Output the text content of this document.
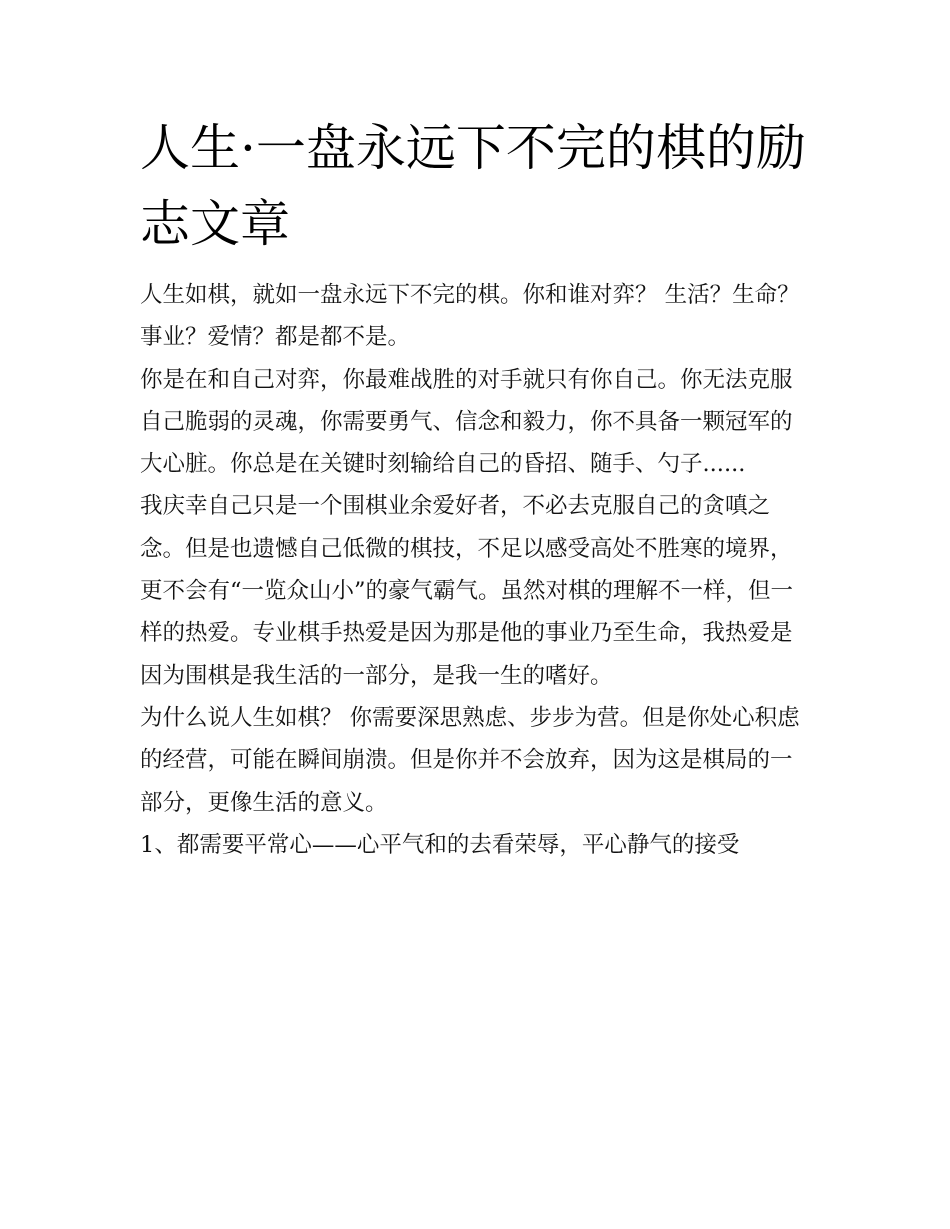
人生·一盘永远下不完的棋的励志文章

人生如棋，就如一盘永远下不完的棋。你和谁对弈？ 生活？生命？事业？爱情？都是都不是。

你是在和自己对弈，你最难战胜的对手就只有你自己。你无法克服自己脆弱的灵魂，你需要勇气、信念和毅力，你不具备一颗冠军的大心脏。你总是在关键时刻输给自己的昏招、随手、勺子......

我庆幸自己只是一个围棋业余爱好者，不必去克服自己的贪嗔之念。但是也遗憾自己低微的棋技，不足以感受高处不胜寒的境界，更不会有“一览众山小”的豪气霸气。虽然对棋的理解不一样，但一样的热爱。专业棋手热爱是因为那是他的事业乃至生命，我热爱是因为围棋是我生活的一部分，是我一生的嗜好。

为什么说人生如棋？ 你需要深思熟虑、步步为营。但是你处心积虑的经营，可能在瞬间崩溃。但是你并不会放弃，因为这是棋局的一部分，更像生活的意义。

1、都需要平常心——心平气和的去看荣辱，平心静气的接受
